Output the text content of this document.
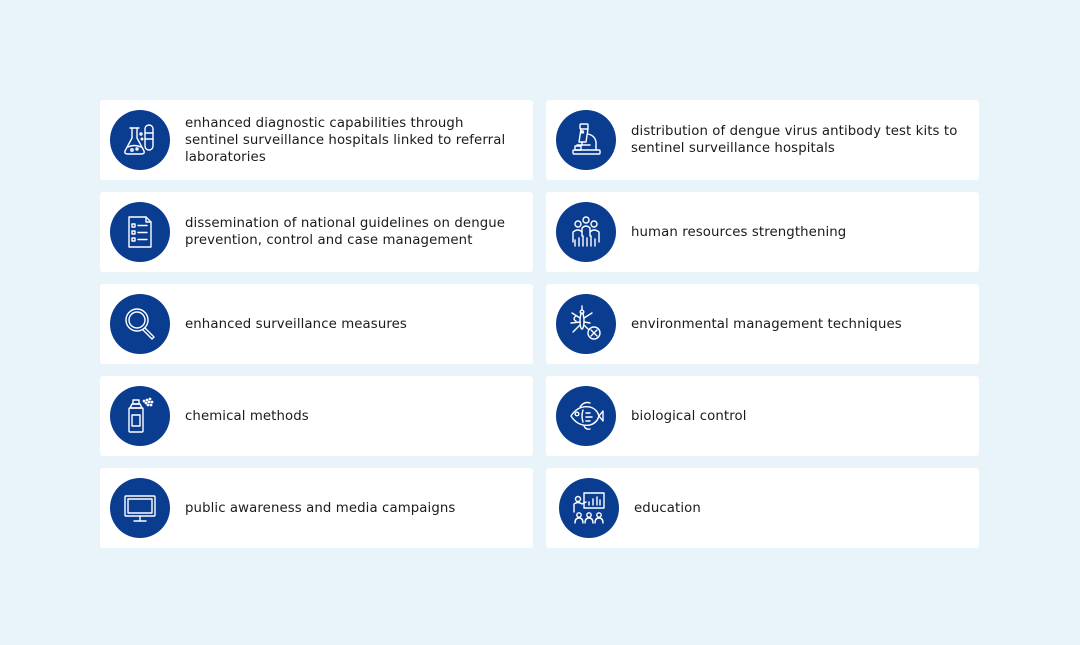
enhanced diagnostic capabilities through sentinel surveillance hospitals linked to referral laboratories
distribution of dengue virus antibody test kits to sentinel surveillance hospitals
dissemination of national guidelines on dengue prevention, control and case management
human resources strengthening
enhanced surveillance measures	environmental management techniques
chemical methods	biological control
public awareness and media campaigns	education
